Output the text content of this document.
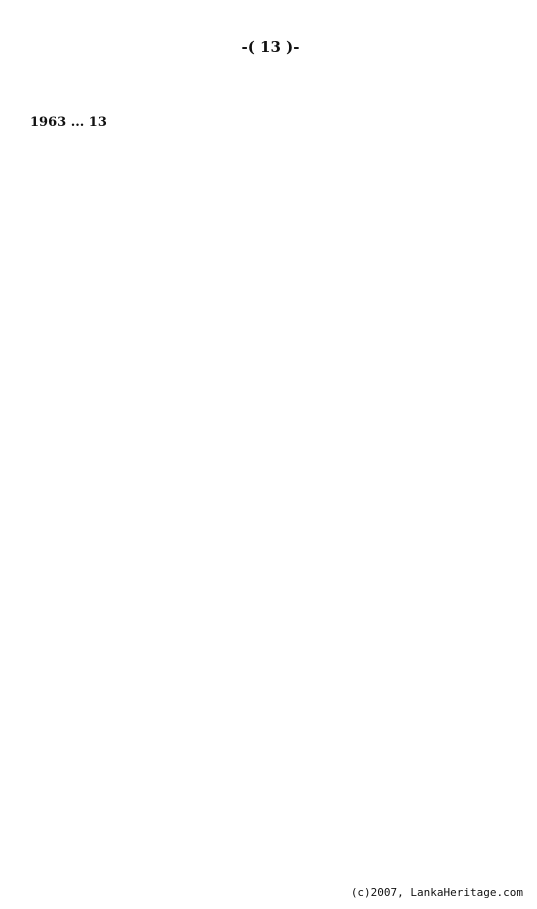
-( 13 )-

1963 ... 13

(c)2007, LankaHeritage.com
